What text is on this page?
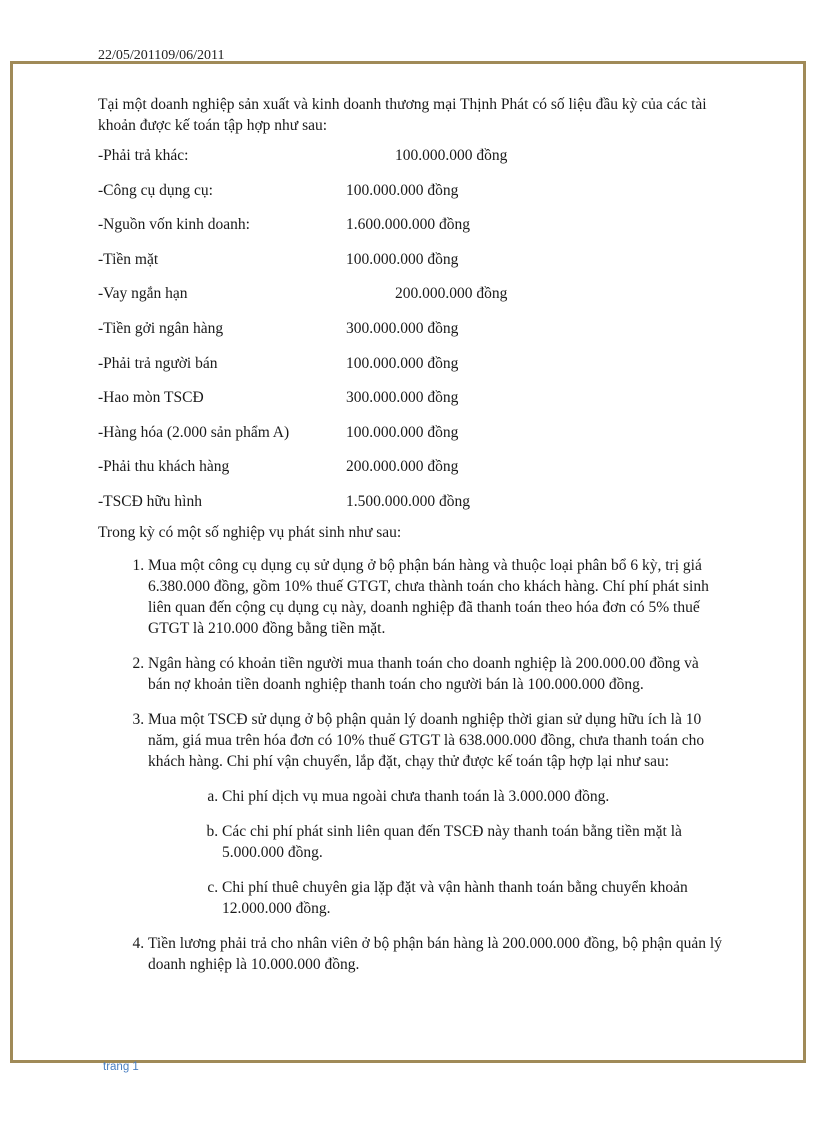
22/05/201109/06/2011

Tại một doanh nghiệp sản xuất và kinh doanh thương mại Thịnh Phát có số liệu đầu kỳ của các tài khoản được kế toán tập hợp như sau:

-Phải trả khác:	100.000.000 đồng
-Công cụ dụng cụ:	100.000.000 đồng
-Nguồn vốn kinh doanh:	1.600.000.000 đồng
-Tiền mặt	100.000.000 đồng
-Vay ngắn hạn	200.000.000 đồng
-Tiền gởi ngân hàng	300.000.000 đồng
-Phải trả người bán	100.000.000 đồng
-Hao mòn TSCĐ	300.000.000 đồng
-Hàng hóa (2.000 sản phẩm A)	100.000.000 đồng
-Phải thu khách hàng	200.000.000 đồng
-TSCĐ hữu hình	1.500.000.000 đồng

Trong kỳ có một số nghiệp vụ phát sinh như sau:

1. Mua một công cụ dụng cụ sử dụng ở bộ phận bán hàng và thuộc loại phân bổ 6 kỳ, trị giá 6.380.000 đồng, gồm 10% thuế GTGT, chưa thành toán cho khách hàng. Chí phí phát sinh liên quan đến cộng cụ dụng cụ này, doanh nghiệp đã thanh toán theo hóa đơn có 5% thuế GTGT là 210.000 đồng bằng tiền mặt.
2. Ngân hàng có khoản tiền người mua thanh toán cho doanh nghiệp là 200.000.00 đồng và bán nợ khoản tiền doanh nghiệp thanh toán cho người bán là 100.000.000 đồng.
3. Mua một TSCĐ sử dụng ở bộ phận quản lý doanh nghiệp thời gian sử dụng hữu ích là 10 năm, giá mua trên hóa đơn có 10% thuế GTGT là 638.000.000 đồng, chưa thanh toán cho khách hàng. Chi phí vận chuyển, lắp đặt, chạy thử được kế toán tập hợp lại như sau:
a. Chi phí dịch vụ mua ngoài chưa thanh toán là 3.000.000 đồng.
b. Các chi phí phát sinh liên quan đến TSCĐ này thanh toán bằng tiền mặt là 5.000.000 đồng.
c. Chi phí thuê chuyên gia lặp đặt và vận hành thanh toán bằng chuyển khoản 12.000.000 đồng.
4. Tiền lương phải trả cho nhân viên ở bộ phận bán hàng là 200.000.000 đồng, bộ phận quản lý doanh nghiệp là 10.000.000 đồng.
trang 1
